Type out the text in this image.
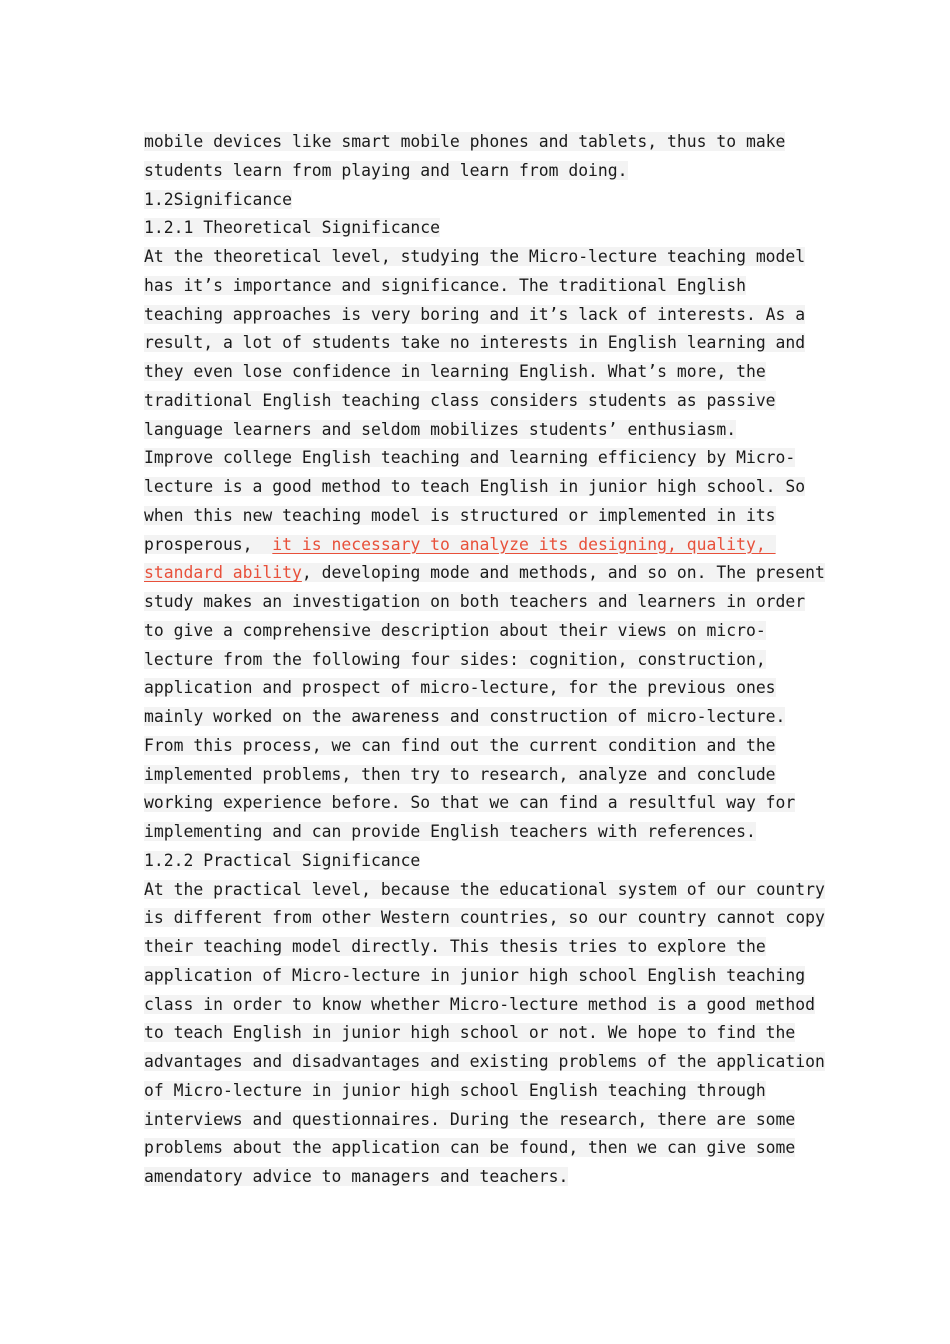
mobile devices like smart mobile phones and tablets, thus to make
students learn from playing and learn from doing.
1.2Significance
1.2.1 Theoretical Significance
At the theoretical level, studying the Micro-lecture teaching model
has it’s importance and significance. The traditional English
teaching approaches is very boring and it’s lack of interests. As a
result, a lot of students take no interests in English learning and
they even lose confidence in learning English. What’s more, the
traditional English teaching class considers students as passive
language learners and seldom mobilizes students’ enthusiasm.
Improve college English teaching and learning efficiency by Micro-
lecture is a good method to teach English in junior high school. So
when this new teaching model is structured or implemented in its
prosperous,  it is necessary to analyze its designing, quality,
standard ability, developing mode and methods, and so on. The present
study makes an investigation on both teachers and learners in order
to give a comprehensive description about their views on micro-
lecture from the following four sides: cognition, construction,
application and prospect of micro-lecture, for the previous ones
mainly worked on the awareness and construction of micro-lecture.
From this process, we can find out the current condition and the
implemented problems, then try to research, analyze and conclude
working experience before. So that we can find a resultful way for
implementing and can provide English teachers with references.
1.2.2 Practical Significance
At the practical level, because the educational system of our country
is different from other Western countries, so our country cannot copy
their teaching model directly. This thesis tries to explore the
application of Micro-lecture in junior high school English teaching
class in order to know whether Micro-lecture method is a good method
to teach English in junior high school or not. We hope to find the
advantages and disadvantages and existing problems of the application
of Micro-lecture in junior high school English teaching through
interviews and questionnaires. During the research, there are some
problems about the application can be found, then we can give some
amendatory advice to managers and teachers.
